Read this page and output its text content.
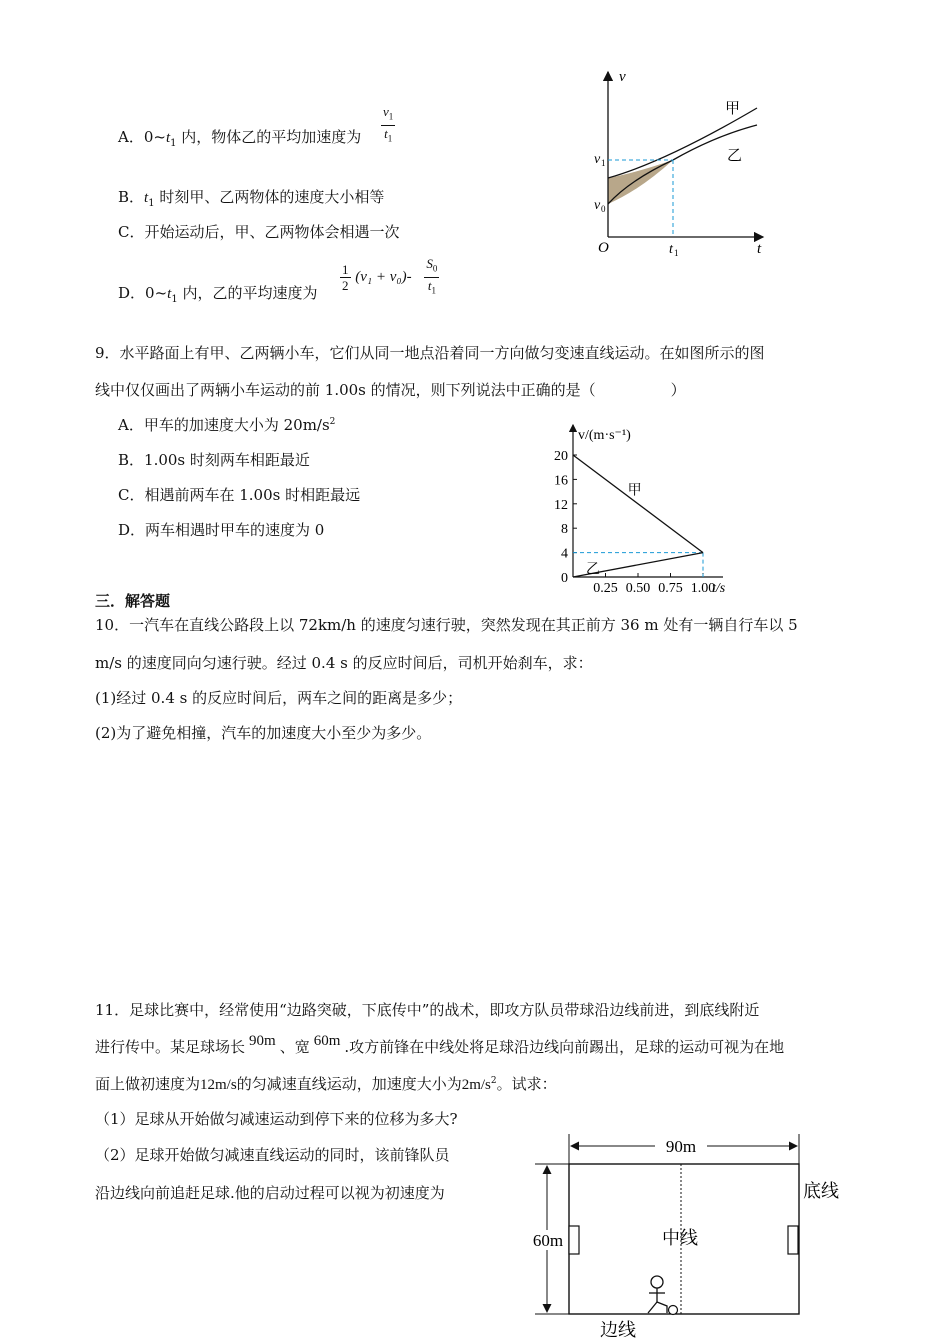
A．$0\sim t_1$ 内，物体乙的平均加速度为 $\frac{v_1}{t_1}$
B．$t_1$ 时刻甲、乙两物体的速度大小相等
C．开始运动后，甲、乙两物体会相遇一次
D．$0\sim t_1$ 内，乙的平均速度为
$\frac{1}{2} (v_1 + v_0)- \frac{S_0}{t_1}$
v
t
O
甲
乙
v 1
v 0
t 1
9．水平路面上有甲、乙两辆小车，它们从同一地点沿着同一方向做匀变速直线运动。在如图所示的图
线中仅仅画出了两辆小车运动的前 1.00s 的情况，则下列说法中正确的是（　　　　　）
A．甲车的加速度大小为 $20m/s^2$
B．1.00s 时刻两车相距最近
C．相遇前两车在 1.00s 时相距最远
D．两车相遇时甲车的速度为 0
v/(m·s⁻¹)
t/s
0
4
8
12
16
20
0.25 0.50 0.75 1.00
甲
乙
三．解答题
10．一汽车在直线公路段上以 72km/h 的速度匀速行驶，突然发现在其正前方 36 m 处有一辆自行车以 5
m/s 的速度同向匀速行驶。经过 0.4 s 的反应时间后，司机开始刹车，求：
(1)经过 0.4 s 的反应时间后，两车之间的距离是多少；
(2)为了避免相撞，汽车的加速度大小至少为多少。
11．足球比赛中，经常使用“边路突破，下底传中”的战术，即攻方队员带球沿边线前进，到底线附近
进行传中。某足球场长 90m 、宽 60m .攻方前锋在中线处将足球沿边线向前踢出，足球的运动可视为在地
面上做初速度为12m/s的匀减速直线运动，加速度大小为$2m/s^2$。试求：
（1）足球从开始做匀减速运动到停下来的位移为多大?
（2）足球开始做匀减速直线运动的同时，该前锋队员
沿边线向前追赶足球.他的启动过程可以视为初速度为
90m
60m
底线
中线
边线
